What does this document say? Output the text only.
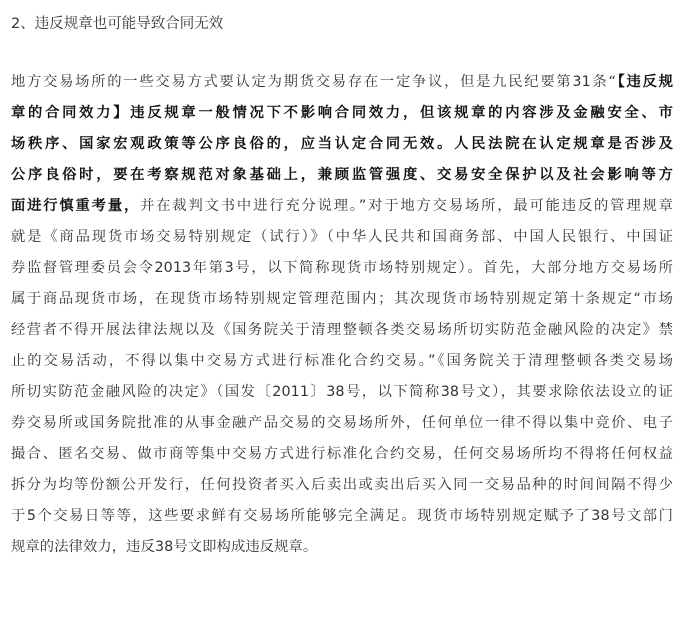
2、违反规章也可能导致合同无效
地方交易场所的一些交易方式要认定为期货交易存在一定争议，但是九民纪要第31条“【违反规
章的合同效力】违反规章一般情况下不影响合同效力，但该规章的内容涉及金融安全、市
场秩序、国家宏观政策等公序良俗的，应当认定合同无效。人民法院在认定规章是否涉及
公序良俗时，要在考察规范对象基础上，兼顾监管强度、交易安全保护以及社会影响等方
面进行慎重考量，并在裁判文书中进行充分说理。”对于地方交易场所，最可能违反的管理规章
就是《商品现货市场交易特别规定（试行）》（中华人民共和国商务部、中国人民银行、中国证
券监督管理委员会令2013年第3号，以下简称现货市场特别规定）。首先，大部分地方交易场所
属于商品现货市场，在现货市场特别规定管理范围内；其次现货市场特别规定第十条规定“市场
经营者不得开展法律法规以及《国务院关于清理整顿各类交易场所切实防范金融风险的决定》禁
止的交易活动，不得以集中交易方式进行标准化合约交易。”《国务院关于清理整顿各类交易场
所切实防范金融风险的决定》（国发〔2011〕38号，以下简称38号文），其要求除依法设立的证
券交易所或国务院批准的从事金融产品交易的交易场所外，任何单位一律不得以集中竞价、电子
撮合、匿名交易、做市商等集中交易方式进行标准化合约交易，任何交易场所均不得将任何权益
拆分为均等份额公开发行，任何投资者买入后卖出或卖出后买入同一交易品种的时间间隔不得少
于5个交易日等等，这些要求鲜有交易场所能够完全满足。现货市场特别规定赋予了38号文部门
规章的法律效力，违反38号文即构成违反规章。
